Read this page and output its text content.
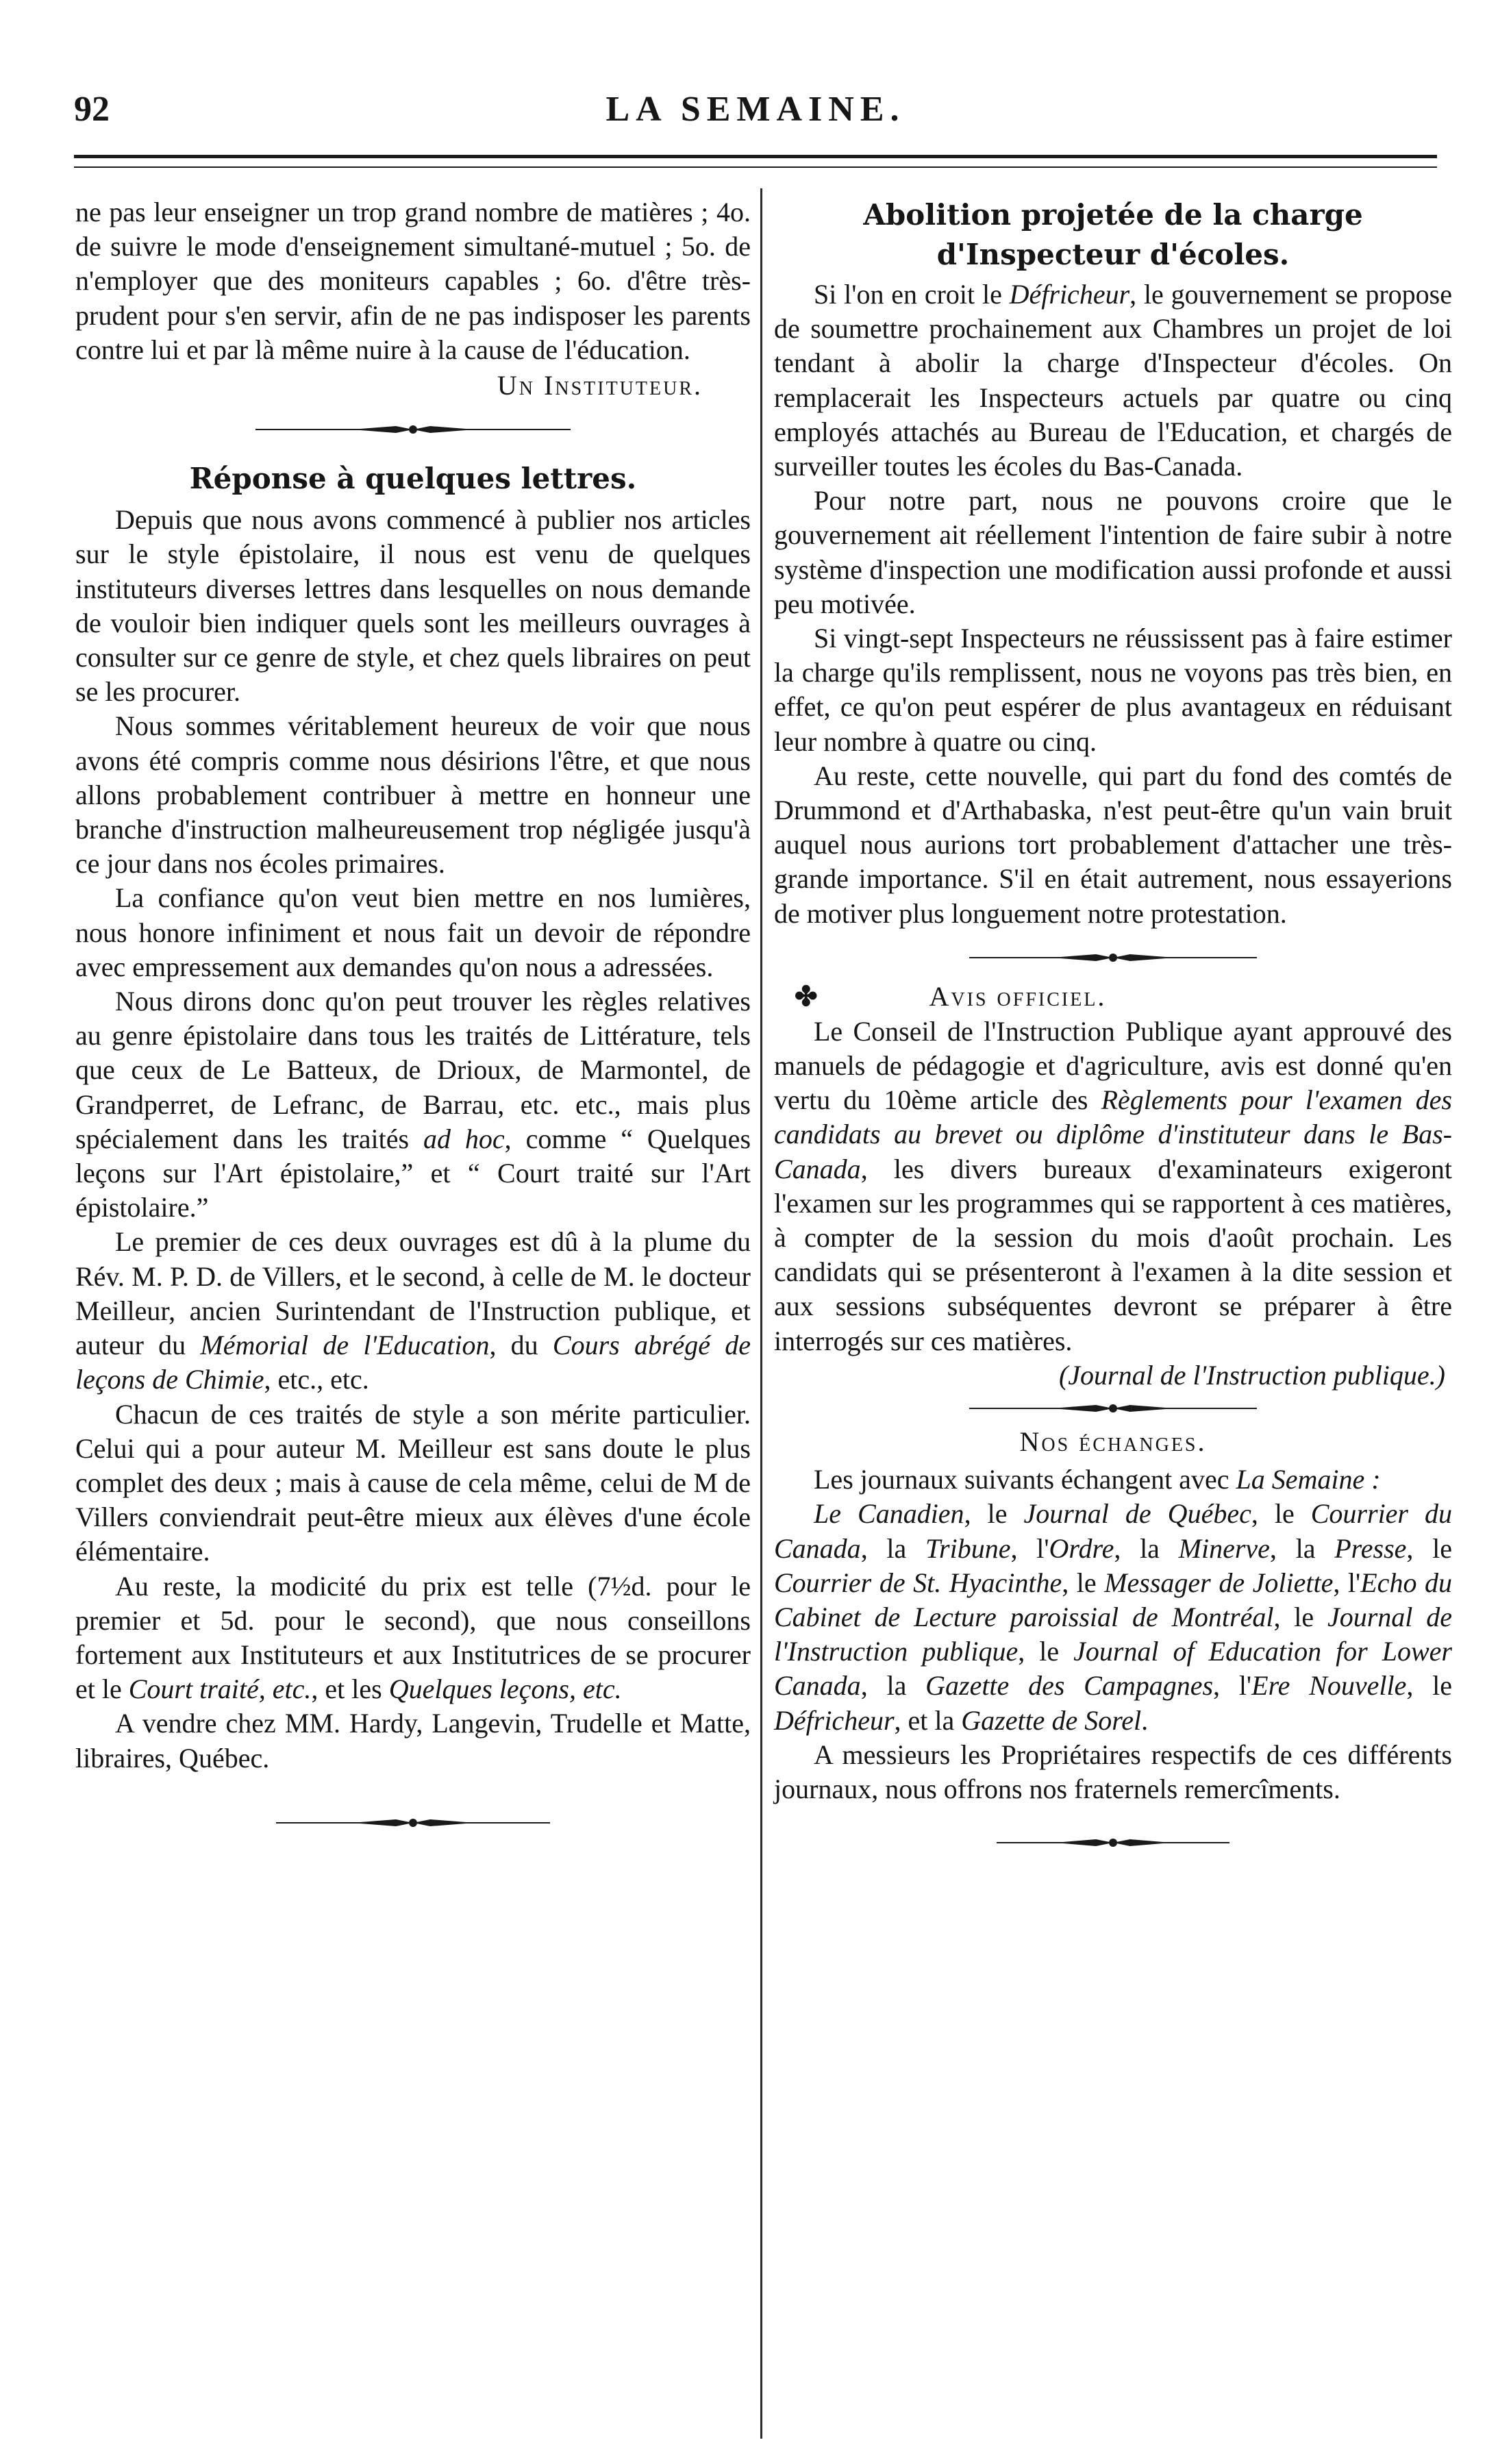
92	LA SEMAINE.

ne pas leur enseigner un trop grand nombre de matières ; 4o. de suivre le mode d'enseignement simultané-mutuel ; 5o. de n'employer que des moniteurs capables ; 6o. d'être très-prudent pour s'en servir, afin de ne pas indisposer les parents contre lui et par là même nuire à la cause de l'éducation.

Un Instituteur.

Réponse à quelques lettres.

Depuis que nous avons commencé à publier nos articles sur le style épistolaire, il nous est venu de quelques instituteurs diverses lettres dans lesquelles on nous demande de vouloir bien indiquer quels sont les meilleurs ouvrages à consulter sur ce genre de style, et chez quels libraires on peut se les procurer.

Nous sommes véritablement heureux de voir que nous avons été compris comme nous désirions l'être, et que nous allons probablement contribuer à mettre en honneur une branche d'instruction malheureusement trop négligée jusqu'à ce jour dans nos écoles primaires.

La confiance qu'on veut bien mettre en nos lumières, nous honore infiniment et nous fait un devoir de répondre avec empressement aux demandes qu'on nous a adressées.

Nous dirons donc qu'on peut trouver les règles relatives au genre épistolaire dans tous les traités de Littérature, tels que ceux de Le Batteux, de Drioux, de Marmontel, de Grandperret, de Lefranc, de Barrau, etc. etc., mais plus spécialement dans les traités ad hoc, comme “ Quelques leçons sur l'Art épistolaire,” et “ Court traité sur l'Art épistolaire.”

Le premier de ces deux ouvrages est dû à la plume du Rév. M. P. D. de Villers, et le second, à celle de M. le docteur Meilleur, ancien Surintendant de l'Instruction publique, et auteur du Mémorial de l'Education, du Cours abrégé de leçons de Chimie, etc., etc.

Chacun de ces traités de style a son mérite particulier. Celui qui a pour auteur M. Meilleur est sans doute le plus complet des deux ; mais à cause de cela même, celui de M de Villers conviendrait peut-être mieux aux élèves d'une école élémentaire.

Au reste, la modicité du prix est telle (7½d. pour le premier et 5d. pour le second), que nous conseillons fortement aux Instituteurs et aux Institutrices de se procurer et le Court traité, etc., et les Quelques leçons, etc.

A vendre chez MM. Hardy, Langevin, Trudelle et Matte, libraires, Québec.

Abolition projetée de la charge

d'Inspecteur d'écoles.

Si l'on en croit le Défricheur, le gouvernement se propose de soumettre prochainement aux Chambres un projet de loi tendant à abolir la charge d'Inspecteur d'écoles. On remplacerait les Inspecteurs actuels par quatre ou cinq employés attachés au Bureau de l'Education, et chargés de surveiller toutes les écoles du Bas-Canada.

Pour notre part, nous ne pouvons croire que le gouvernement ait réellement l'intention de faire subir à notre système d'inspection une modification aussi profonde et aussi peu motivée.

Si vingt-sept Inspecteurs ne réussissent pas à faire estimer la charge qu'ils remplissent, nous ne voyons pas très bien, en effet, ce qu'on peut espérer de plus avantageux en réduisant leur nombre à quatre ou cinq.

Au reste, cette nouvelle, qui part du fond des comtés de Drummond et d'Arthabaska, n'est peut-être qu'un vain bruit auquel nous aurions tort probablement d'attacher une très-grande importance. S'il en était autrement, nous essayerions de motiver plus longuement notre protestation.

✤	Avis officiel.

Le Conseil de l'Instruction Publique ayant approuvé des manuels de pédagogie et d'agriculture, avis est donné qu'en vertu du 10ème article des Règlements pour l'examen des candidats au brevet ou diplôme d'instituteur dans le Bas-Canada, les divers bureaux d'examinateurs exigeront l'examen sur les programmes qui se rapportent à ces matières, à compter de la session du mois d'août prochain. Les candidats qui se présenteront à l'examen à la dite session et aux sessions subséquentes devront se préparer à être interrogés sur ces matières.

(Journal de l'Instruction publique.)

Nos échanges.

Les journaux suivants échangent avec La Semaine :

Le Canadien, le Journal de Québec, le Courrier du Canada, la Tribune, l'Ordre, la Minerve, la Presse, le Courrier de St. Hyacinthe, le Messager de Joliette, l'Echo du Cabinet de Lecture paroissial de Montréal, le Journal de l'Instruction publique, le Journal of Education for Lower Canada, la Gazette des Campagnes, l'Ere Nouvelle, le Défricheur, et la Gazette de Sorel.

A messieurs les Propriétaires respectifs de ces différents journaux, nous offrons nos fraternels remercîments.
